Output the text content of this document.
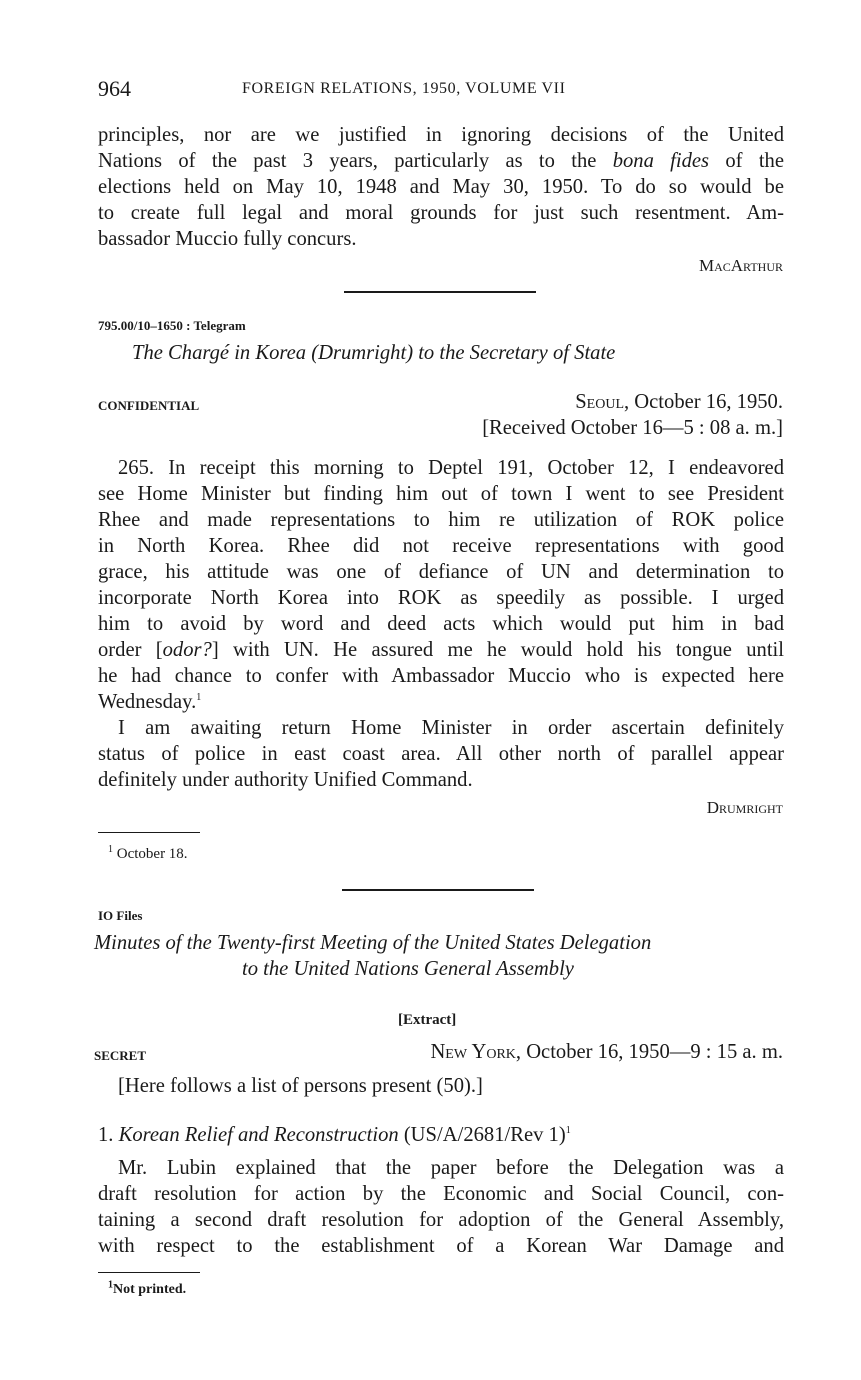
964	FOREIGN RELATIONS, 1950, VOLUME VII
principles, nor are we justified in ignoring decisions of the United
Nations of the past 3 years, particularly as to the bona fides of the
elections held on May 10, 1948 and May 30, 1950. To do so would be
to create full legal and moral grounds for just such resentment. Am-
bassador Muccio fully concurs.
MacArthur
795.00/10–1650 : Telegram
The Chargé in Korea (Drumright) to the Secretary of State
CONFIDENTIAL	Seoul, October 16, 1950.
[Received October 16—5 : 08 a. m.]
265. In receipt this morning to Deptel 191, October 12, I endeavored
see Home Minister but finding him out of town I went to see President
Rhee and made representations to him re utilization of ROK police
in North Korea. Rhee did not receive representations with good
grace, his attitude was one of defiance of UN and determination to
incorporate North Korea into ROK as speedily as possible. I urged
him to avoid by word and deed acts which would put him in bad
order [odor?] with UN. He assured me he would hold his tongue until
he had chance to confer with Ambassador Muccio who is expected here
Wednesday.$^1$
I am awaiting return Home Minister in order ascertain definitely
status of police in east coast area. All other north of parallel appear
definitely under authority Unified Command.
Drumright
$^1$ October 18.
IO Files
Minutes of the Twenty-first Meeting of the United States Delegation
to the United Nations General Assembly
[Extract]
SECRET	New York, October 16, 1950—9 : 15 a. m.
[Here follows a list of persons present (50).]
1. Korean Relief and Reconstruction (US/A/2681/Rev 1)$^1$
Mr. Lubin explained that the paper before the Delegation was a
draft resolution for action by the Economic and Social Council, con-
taining a second draft resolution for adoption of the General Assembly,
with respect to the establishment of a Korean War Damage and
$^1$Not printed.
